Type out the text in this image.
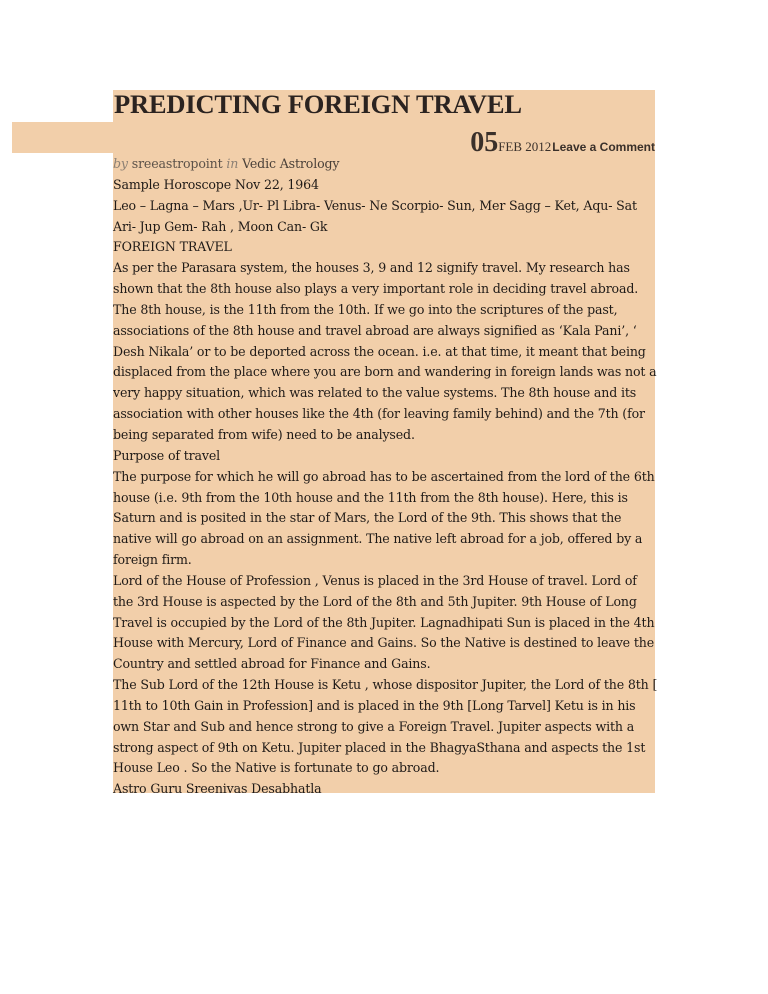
PREDICTING FOREIGN TRAVEL
05 FEB 2012 Leave a Comment

by sreeastropoint in Vedic Astrology

Sample Horoscope Nov 22, 1964

Leo – Lagna – Mars ,Ur- Pl Libra- Venus- Ne Scorpio- Sun, Mer Sagg – Ket, Aqu- Sat Ari- Jup Gem- Rah , Moon Can- Gk

FOREIGN TRAVEL

As per the Parasara system, the houses 3, 9 and 12 signify travel. My research has shown that the 8th house also plays a very important role in deciding travel abroad. The 8th house, is the 11th from the 10th. If we go into the scriptures of the past, associations of the 8th house and travel abroad are always signified as ‘Kala Pani’, ‘ Desh Nikala’ or to be deported across the ocean. i.e. at that time, it meant that being displaced from the place where you are born and wandering in foreign lands was not a very happy situation, which was related to the value systems. The 8th house and its association with other houses like the 4th (for leaving family behind) and the 7th (for being separated from wife) need to be analysed.

Purpose of travel

The purpose for which he will go abroad has to be ascertained from the lord of the 6th house (i.e. 9th from the 10th house and the 11th from the 8th house). Here, this is Saturn and is posited in the star of Mars, the Lord of the 9th. This shows that the native will go abroad on an assignment. The native left abroad for a job, offered by a foreign firm.

Lord of the House of Profession , Venus is placed in the 3rd House of travel. Lord of the 3rd House is aspected by the Lord of the 8th and 5th Jupiter. 9th House of Long Travel is occupied by the Lord of the 8th Jupiter. Lagnadhipati Sun is placed in the 4th House with Mercury, Lord of Finance and Gains. So the Native is destined to leave the Country and settled abroad for Finance and Gains.

The Sub Lord of the 12th House is Ketu , whose dispositor Jupiter, the Lord of the 8th [ 11th to 10th Gain in Profession] and is placed in the 9th [Long Tarvel] Ketu is in his own Star and Sub and hence strong to give a Foreign Travel. Jupiter aspects with a strong aspect of 9th on Ketu. Jupiter placed in the BhagyaSthana and aspects the 1st House Leo . So the Native is fortunate to go abroad.

Astro Guru Sreenivas Desabhatla
